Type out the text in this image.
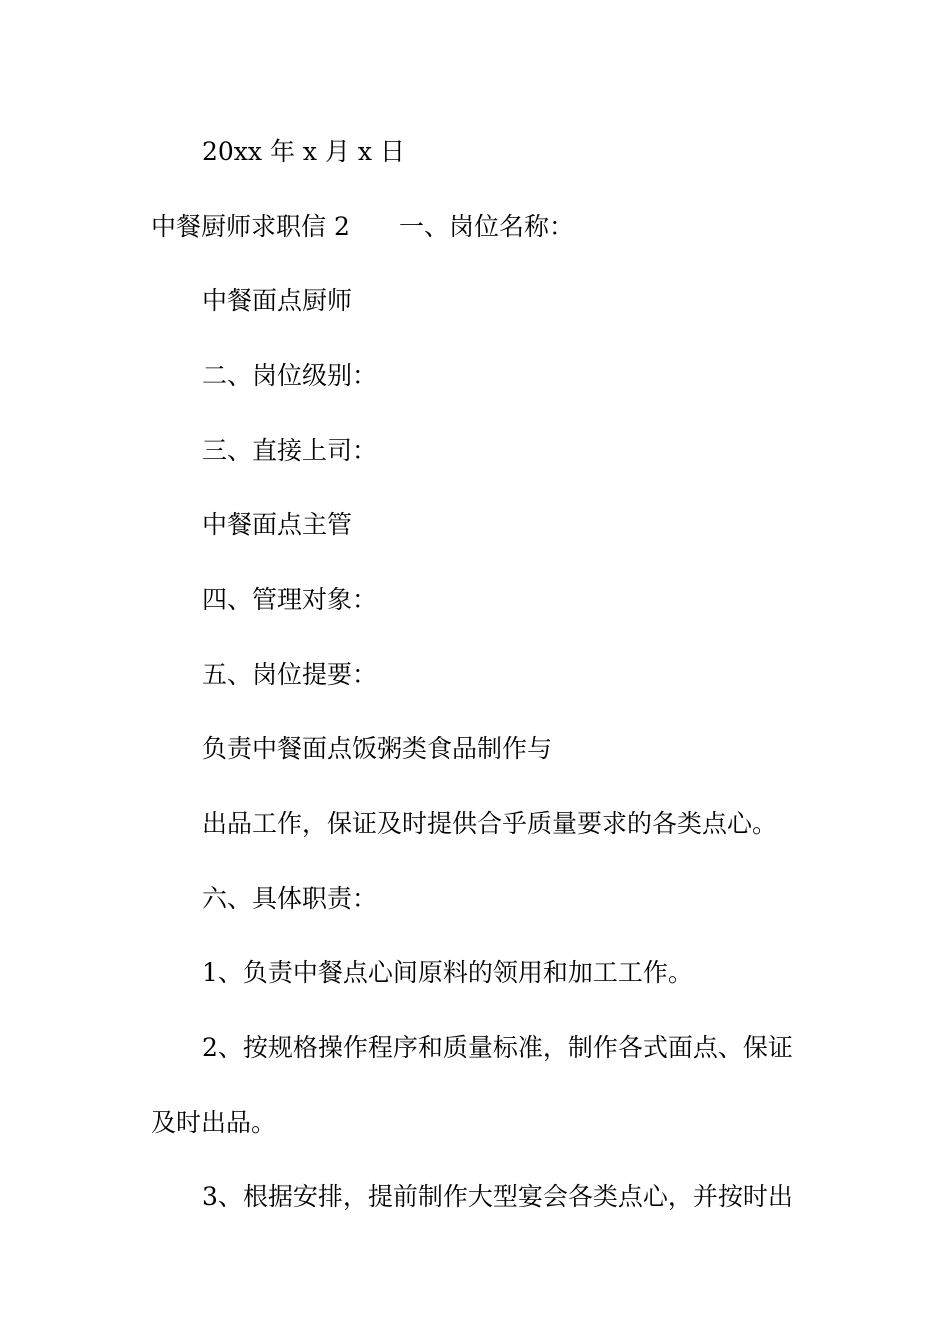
20xx 年 x 月 x 日
中餐厨师求职信 2 一、岗位名称：
中餐面点厨师
二、岗位级别：
三、直接上司：
中餐面点主管
四、管理对象：
五、岗位提要：
负责中餐面点饭粥类食品制作与
出品工作，保证及时提供合乎质量要求的各类点心。
六、具体职责：
1、负责中餐点心间原料的领用和加工工作。
2、按规格操作程序和质量标准，制作各式面点、保证
及时出品。
3、根据安排，提前制作大型宴会各类点心，并按时出
